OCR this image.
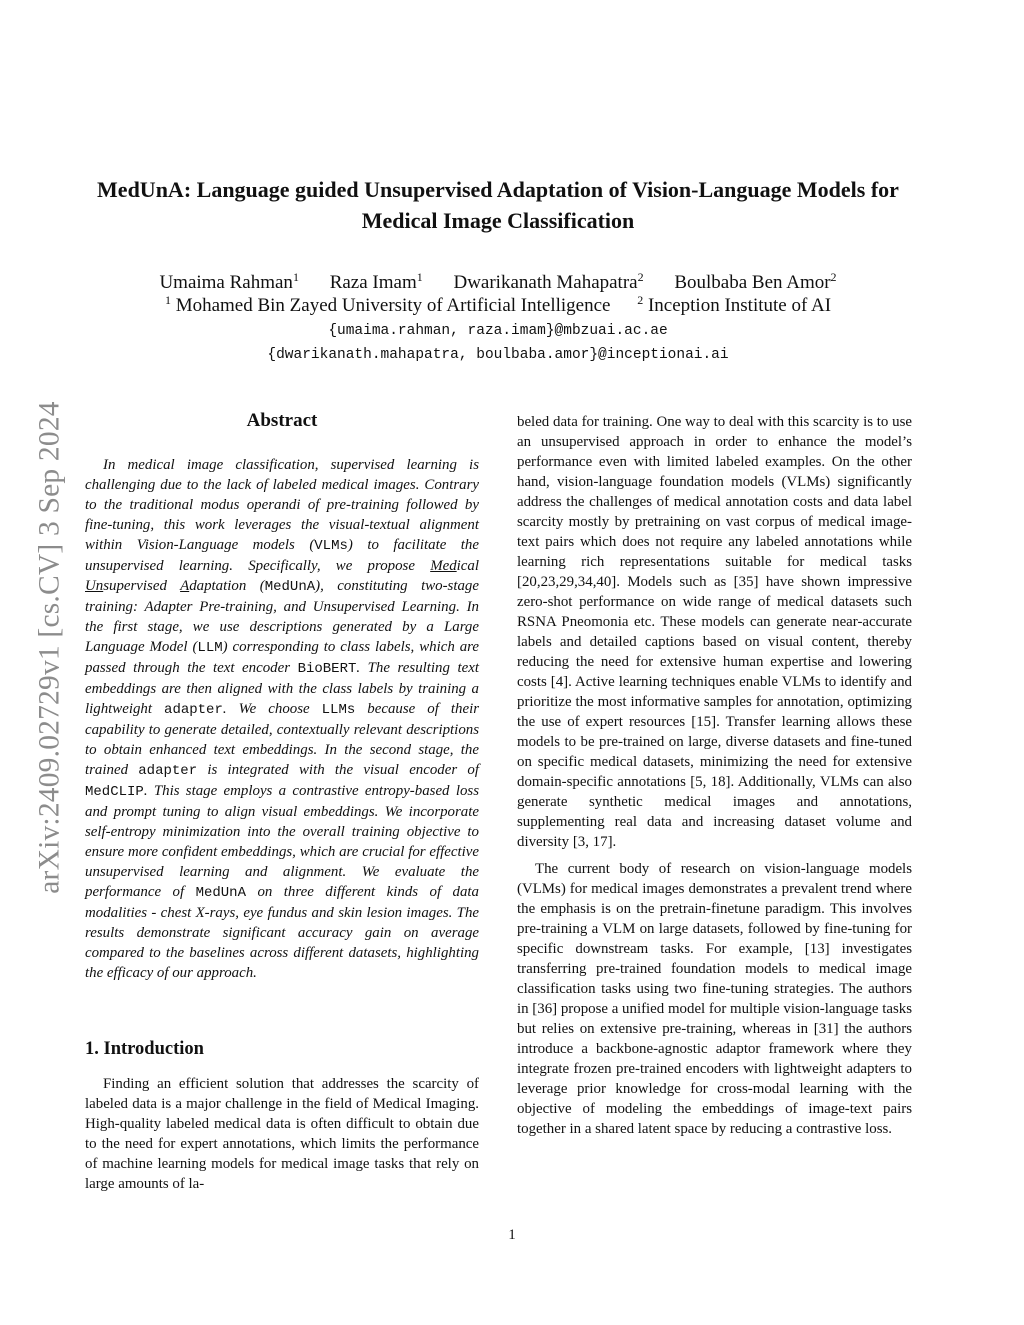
arXiv:2409.02729v1 [cs.CV] 3 Sep 2024
MedUnA: Language guided Unsupervised Adaptation of Vision-Language Models for Medical Image Classification
Umaima Rahman$^1$ Raza Imam$^1$ Dwarikanath Mahapatra$^2$ Boulbaba Ben Amor$^2$
$^1$ Mohamed Bin Zayed University of Artificial Intelligence $^2$ Inception Institute of AI
{umaima.rahman, raza.imam}@mbzuai.ac.ae
{dwarikanath.mahapatra, boulbaba.amor}@inceptionai.ai
Abstract

In medical image classification, supervised learning is challenging due to the lack of labeled medical images. Contrary to the traditional modus operandi of pre-training followed by fine-tuning, this work leverages the visual-textual alignment within Vision-Language models (VLMs) to facilitate the unsupervised learning. Specifically, we propose Medical Unsupervised Adaptation (MedUnA), constituting two-stage training: Adapter Pre-training, and Unsupervised Learning. In the first stage, we use descriptions generated by a Large Language Model (LLM) corresponding to class labels, which are passed through the text encoder BioBERT. The resulting text embeddings are then aligned with the class labels by training a lightweight adapter. We choose LLMs because of their capability to generate detailed, contextually relevant descriptions to obtain enhanced text embeddings. In the second stage, the trained adapter is integrated with the visual encoder of MedCLIP. This stage employs a contrastive entropy-based loss and prompt tuning to align visual embeddings. We incorporate self-entropy minimization into the overall training objective to ensure more confident embeddings, which are crucial for effective unsupervised learning and alignment. We evaluate the performance of MedUnA on three different kinds of data modalities - chest X-rays, eye fundus and skin lesion images. The results demonstrate significant accuracy gain on average compared to the baselines across different datasets, highlighting the efficacy of our approach.

1. Introduction

Finding an efficient solution that addresses the scarcity of labeled data is a major challenge in the field of Medical Imaging. High-quality labeled medical data is often difficult to obtain due to the need for expert annotations, which limits the performance of machine learning models for medical image tasks that rely on large amounts of la-

beled data for training. One way to deal with this scarcity is to use an unsupervised approach in order to enhance the model’s performance even with limited labeled examples. On the other hand, vision-language foundation models (VLMs) significantly address the challenges of medical annotation costs and data label scarcity mostly by pretraining on vast corpus of medical image-text pairs which does not require any labeled annotations while learning rich representations suitable for medical tasks [20,23,29,34,40]. Models such as [35] have shown impressive zero-shot performance on wide range of medical datasets such RSNA Pneomonia etc. These models can generate near-accurate labels and detailed captions based on visual content, thereby reducing the need for extensive human expertise and lowering costs [4]. Active learning techniques enable VLMs to identify and prioritize the most informative samples for annotation, optimizing the use of expert resources [15]. Transfer learning allows these models to be pre-trained on large, diverse datasets and fine-tuned on specific medical datasets, minimizing the need for extensive domain-specific annotations [5, 18]. Additionally, VLMs can also generate synthetic medical images and annotations, supplementing real data and increasing dataset volume and diversity [3, 17].

The current body of research on vision-language models (VLMs) for medical images demonstrates a prevalent trend where the emphasis is on the pretrain-finetune paradigm. This involves pre-training a VLM on large datasets, followed by fine-tuning for specific downstream tasks. For example, [13] investigates transferring pre-trained foundation models to medical image classification tasks using two fine-tuning strategies. The authors in [36] propose a unified model for multiple vision-language tasks but relies on extensive pre-training, whereas in [31] the authors introduce a backbone-agnostic adaptor framework where they integrate frozen pre-trained encoders with lightweight adapters to leverage prior knowledge for cross-modal learning with the objective of modeling the embeddings of image-text pairs together in a shared latent space by reducing a contrastive loss.

1
